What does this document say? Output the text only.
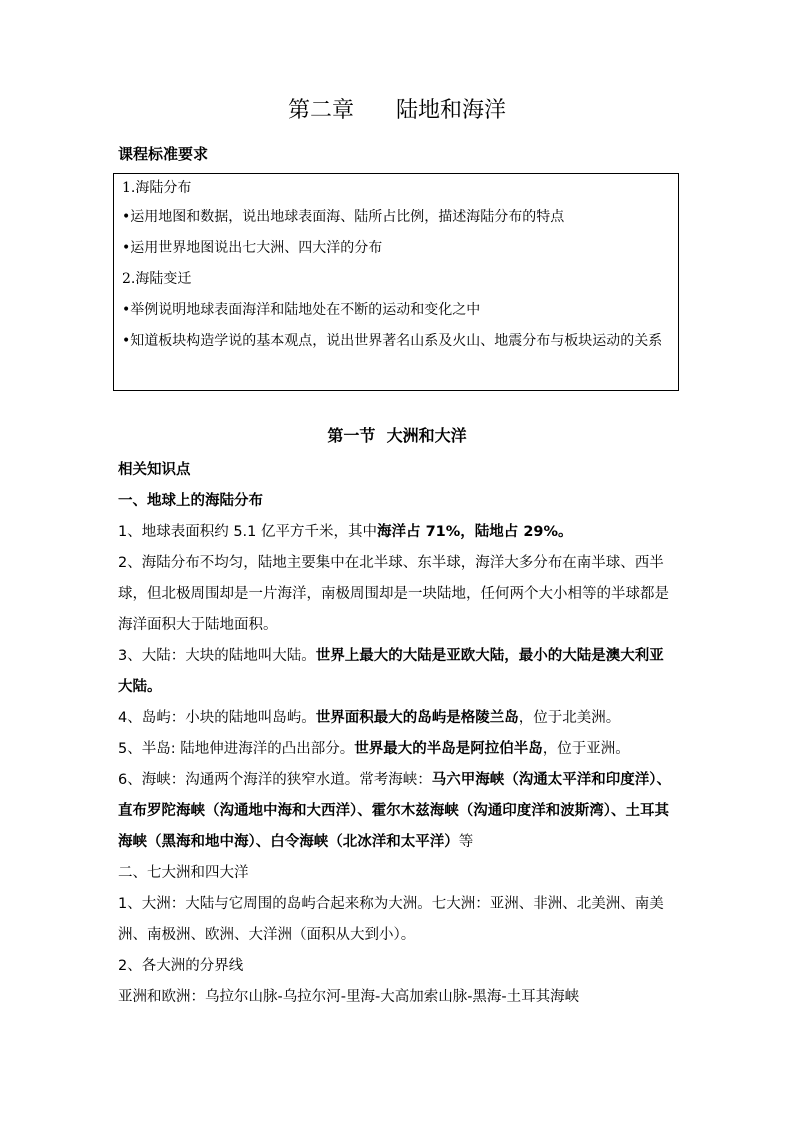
第二章      陆地和海洋
课程标准要求
1.海陆分布
•运用地图和数据，说出地球表面海、陆所占比例，描述海陆分布的特点
•运用世界地图说出七大洲、四大洋的分布
2.海陆变迁
•举例说明地球表面海洋和陆地处在不断的运动和变化之中
•知道板块构造学说的基本观点，说出世界著名山系及火山、地震分布与板块运动的关系
第一节  大洲和大洋

相关知识点

一、地球上的海陆分布

1、地球表面积约 5.1 亿平方千米，其中海洋占 71%，陆地占 29%。

2、海陆分布不均匀，陆地主要集中在北半球、东半球，海洋大多分布在南半球、西半球，但北极周围却是一片海洋，南极周围却是一块陆地，任何两个大小相等的半球都是海洋面积大于陆地面积。

3、大陆：大块的陆地叫大陆。世界上最大的大陆是亚欧大陆，最小的大陆是澳大利亚大陆。

4、岛屿：小块的陆地叫岛屿。世界面积最大的岛屿是格陵兰岛，位于北美洲。

5、半岛: 陆地伸进海洋的凸出部分。世界最大的半岛是阿拉伯半岛，位于亚洲。

6、海峡：沟通两个海洋的狭窄水道。常考海峡：马六甲海峡（沟通太平洋和印度洋）、直布罗陀海峡（沟通地中海和大西洋）、霍尔木兹海峡（沟通印度洋和波斯湾）、土耳其海峡（黑海和地中海）、白令海峡（北冰洋和太平洋）等

二、七大洲和四大洋

1、大洲：大陆与它周围的岛屿合起来称为大洲。七大洲：亚洲、非洲、北美洲、南美洲、南极洲、欧洲、大洋洲（面积从大到小）。

2、各大洲的分界线

亚洲和欧洲：乌拉尔山脉-乌拉尔河-里海-大高加索山脉-黑海-土耳其海峡
